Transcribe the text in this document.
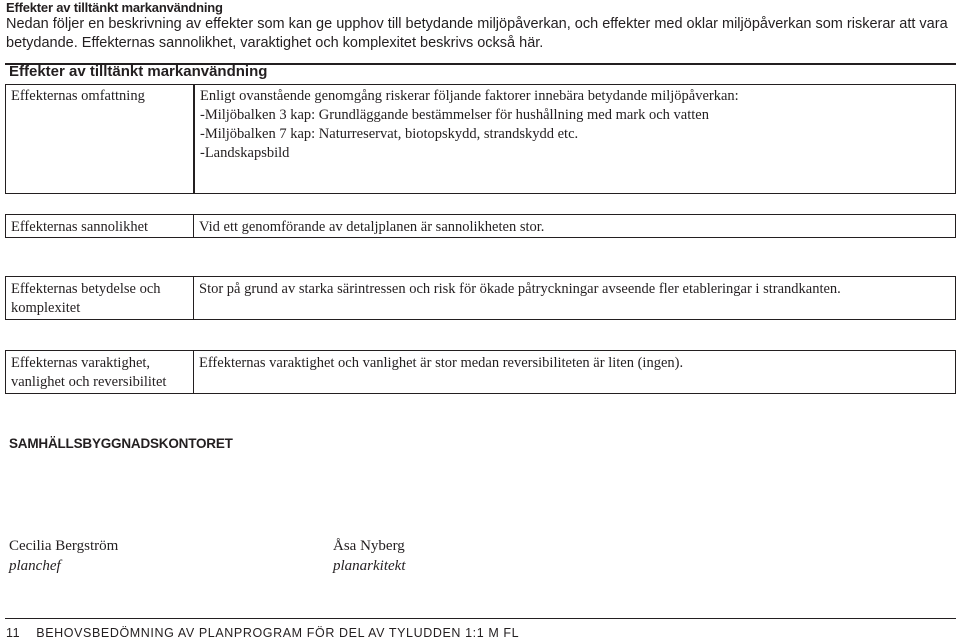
Effekter av tilltänkt markanvändning
Nedan följer en beskrivning av effekter som kan ge upphov till betydande miljöpåverkan, och effekter med oklar miljöpåverkan som riskerar att vara betydande. Effekternas sannolikhet, varaktighet och komplexitet beskrivs också här.
Effekter av tilltänkt markanvändning
Effekternas omfattning	Enligt ovanstående genomgång riskerar följande faktorer innebära betydande miljöpåverkan:
-Miljöbalken 3 kap: Grundläggande bestämmelser för hushållning med mark och vatten
-Miljöbalken 7 kap: Naturreservat, biotopskydd, strandskydd etc.
-Landskapsbild
Effekternas sannolikhet	Vid ett genomförande av detaljplanen är sannolikheten stor.
Effekternas betydelse och
komplexitet
Stor på grund av starka särintressen och risk för ökade påtryckningar avseende fler etableringar i strandkanten.
Effekternas varaktighet,
vanlighet och reversibilitet
Effekternas varaktighet och vanlighet är stor medan reversibiliteten är liten (ingen).
SAMHÄLLSBYGGNADSKONTORET
Cecilia Bergström
planchef
Åsa Nyberg
planarkitekt
11 BEHOVSBEDÖMNING AV PLANPROGRAM FÖR DEL AV TYLUDDEN 1:1 M FL
